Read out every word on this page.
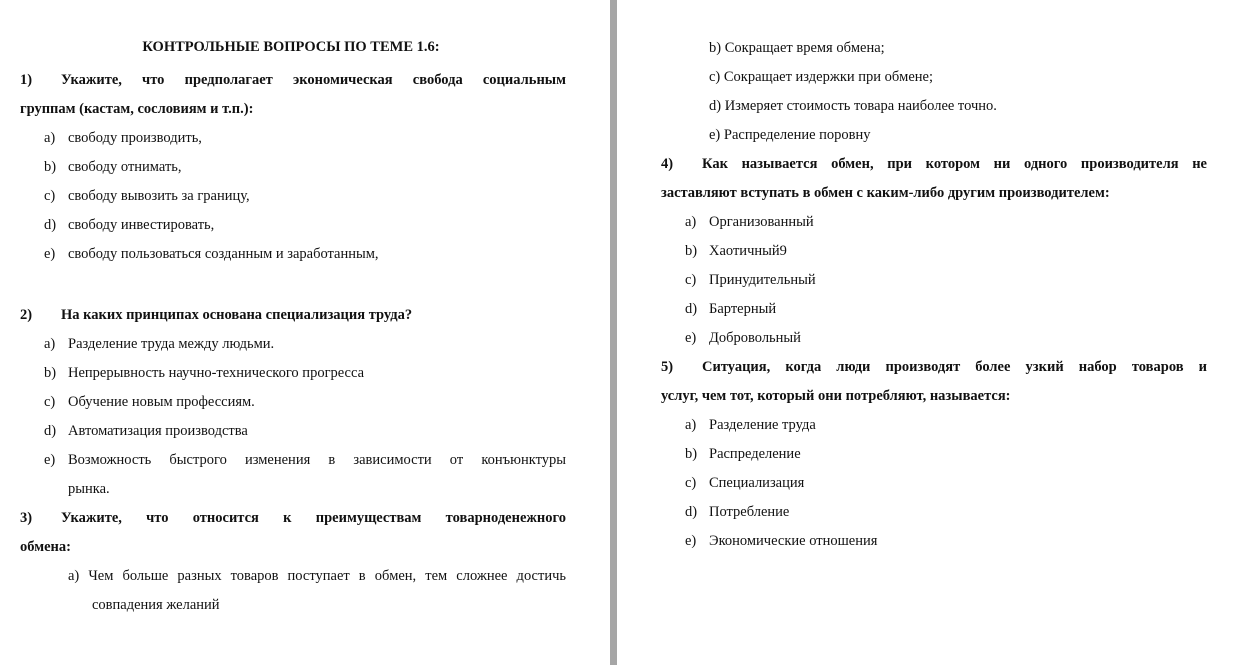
КОНТРОЛЬНЫЕ ВОПРОСЫ ПО ТЕМЕ 1.6:
1) Укажите, что предполагает экономическая свобода социальным
группам (кастам, сословиям и т.п.):
a) свободу производить,
b) свободу отнимать,
c) свободу вывозить за границу,
d) свободу инвестировать,
e) свободу пользоваться созданным и заработанным,
2) На каких принципах основана специализация труда?
a) Разделение труда между людьми.
b) Непрерывность научно-технического прогресса
c) Обучение новым профессиям.
d) Автоматизация производства
e) Возможность быстрого изменения в зависимости от конъюнктуры
рынка.
3) Укажите, что относится к преимуществам товарноденежного
обмена:
a) Чем больше разных товаров поступает в обмен, тем сложнее достичь
совпадения желаний
b) Сокращает время обмена;
c) Сокращает издержки при обмене;
d) Измеряет стоимость товара наиболее точно.
e) Распределение поровну
4) Как называется обмен, при котором ни одного производителя не
заставляют вступать в обмен с каким-либо другим производителем:
a) Организованный
b) Хаотичный9
c) Принудительный
d) Бартерный
e) Добровольный
5) Ситуация, когда люди производят более узкий набор товаров и
услуг, чем тот, который они потребляют, называется:
a) Разделение труда
b) Распределение
c) Специализация
d) Потребление
e) Экономические отношения
